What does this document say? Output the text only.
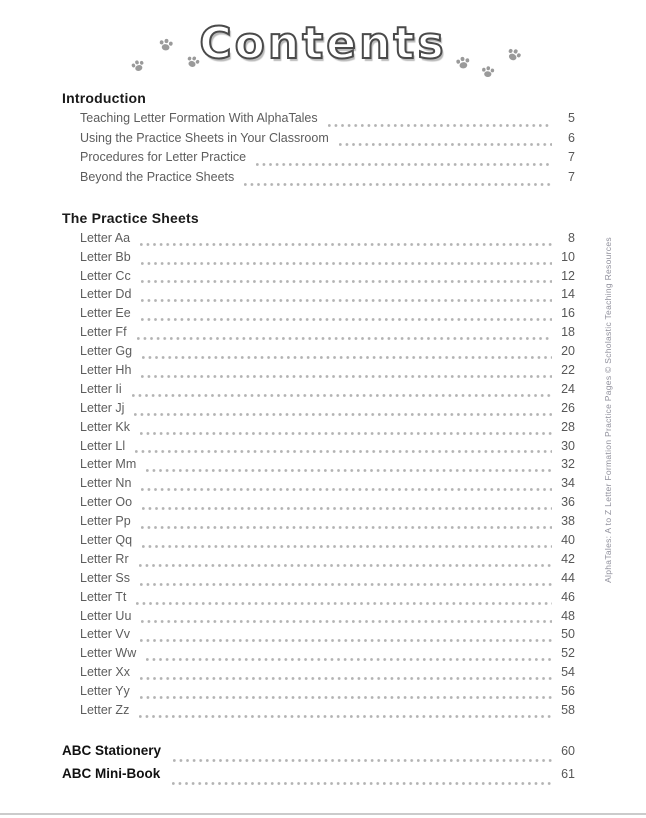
Contents
Introduction
Teaching Letter Formation With AlphaTales	5
Using the Practice Sheets in Your Classroom	6
Procedures for Letter Practice	7
Beyond the Practice Sheets	7
The Practice Sheets
Letter Aa	8
Letter Bb	10
Letter Cc	12
Letter Dd	14
Letter Ee	16
Letter Ff	18
Letter Gg	20
Letter Hh	22
Letter Ii	24
Letter Jj	26
Letter Kk	28
Letter Ll	30
Letter Mm	32
Letter Nn	34
Letter Oo	36
Letter Pp	38
Letter Qq	40
Letter Rr	42
Letter Ss	44
Letter Tt	46
Letter Uu	48
Letter Vv	50
Letter Ww	52
Letter Xx	54
Letter Yy	56
Letter Zz	58
ABC Stationery	60
ABC Mini-Book	61
AlphaTales: A to Z Letter Formation Practice Pages © Scholastic Teaching Resources
